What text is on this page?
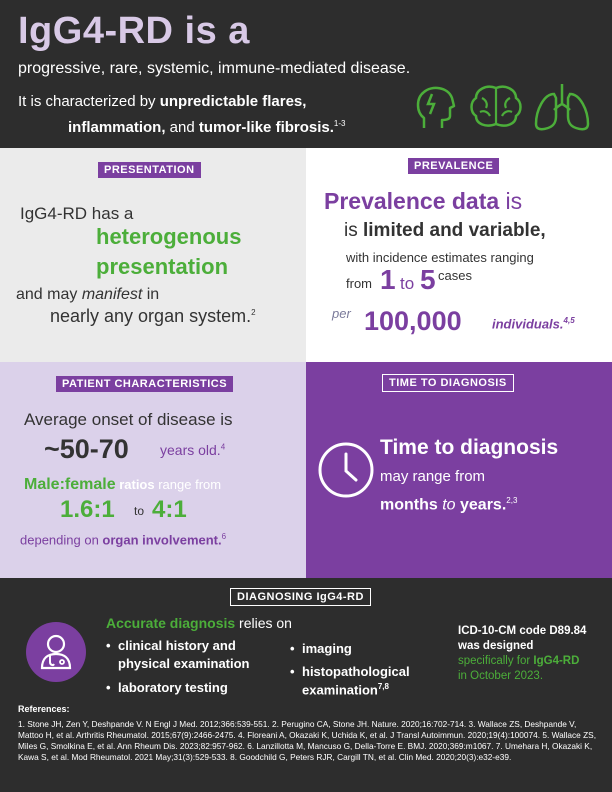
IgG4-RD is a
progressive, rare, systemic, immune-mediated disease.
It is characterized by unpredictable flares,
inflammation, and tumor-like fibrosis.$^{1-3}$
PRESENTATION
IgG4-RD has a
heterogenous
presentation
and may manifest in
nearly any organ system.$^2$
PREVALENCE
Prevalence data is
is limited and variable,
with incidence estimates ranging
from 1 to 5 cases
per 100,000 individuals.$^{4,5}$
PATIENT CHARACTERISTICS
Average onset of disease is
~50-70 years old.$^4$
Male:female ratios range from
1.6:1 to 4:1
depending on organ involvement.$^6$
TIME TO DIAGNOSIS
Time to diagnosis
may range from
months to years.$^{2,3}$
DIAGNOSING IgG4-RD
Accurate diagnosis relies on
• clinical history and
physical examination
• laboratory testing
• imaging
• histopathological
examination$^{7,8}$
ICD-10-CM code D89.84
was designed
specifically for IgG4-RD
in October 2023.
References:
1. Stone JH, Zen Y, Deshpande V. N Engl J Med. 2012;366:539-551. 2. Perugino CA, Stone JH. Nature. 2020;16:702-714. 3. Wallace ZS, Deshpande V, Mattoo H, et al. Arthritis Rheumatol. 2015;67(9):2466-2475. 4. Floreani A, Okazaki K, Uchida K, et al. J Transl Autoimmun. 2020;19(4):100074. 5. Wallace ZS, Miles G, Smolkina E, et al. Ann Rheum Dis. 2023;82:957-962. 6. Lanzillotta M, Mancuso G, Della-Torre E. BMJ. 2020;369:m1067. 7. Umehara H, Okazaki K, Kawa S, et al. Mod Rheumatol. 2021 May;31(3):529-533. 8. Goodchild G, Peters RJR, Cargill TN, et al. Clin Med. 2020;20(3):e32-e39.
